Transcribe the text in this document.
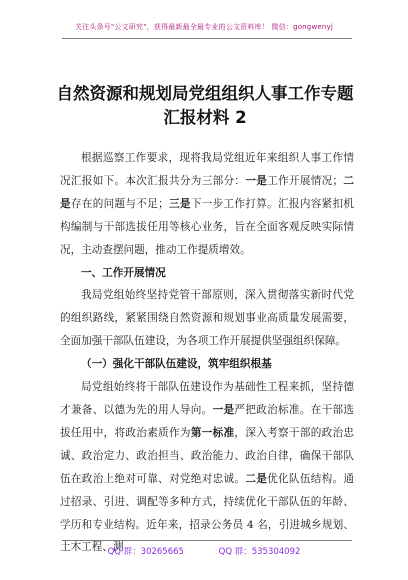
关注头条号"公文研究"，获得最新最全最专业的公文资料库！ 微信：gongwenyj
自然资源和规划局党组组织人事工作专题
汇报材料 2

根据巡察工作要求，现将我局党组近年来组织人事工作情况汇报如下。本次汇报共分为三部分：一是工作开展情况；二是存在的问题与不足；三是下一步工作打算。汇报内容紧扣机构编制与干部选拔任用等核心业务，旨在全面客观反映实际情况，主动查摆问题，推动工作提质增效。

一、工作开展情况

我局党组始终坚持党管干部原则，深入贯彻落实新时代党的组织路线，紧紧围绕自然资源和规划事业高质量发展需要，全面加强干部队伍建设，为各项工作开展提供坚强组织保障。

（一）强化干部队伍建设，筑牢组织根基

局党组始终将干部队伍建设作为基础性工程来抓，坚持德才兼备、以德为先的用人导向。一是严把政治标准。在干部选拔任用中，将政治素质作为第一标准，深入考察干部的政治忠诚、政治定力、政治担当、政治能力、政治自律，确保干部队伍在政治上绝对可靠、对党绝对忠诚。二是优化队伍结构。通过招录、引进、调配等多种方式，持续优化干部队伍的年龄、学历和专业结构。近年来，招录公务员 4 名，引进城乡规划、土木工程、测

QQ 群：30265665	QQ 群：535304092
